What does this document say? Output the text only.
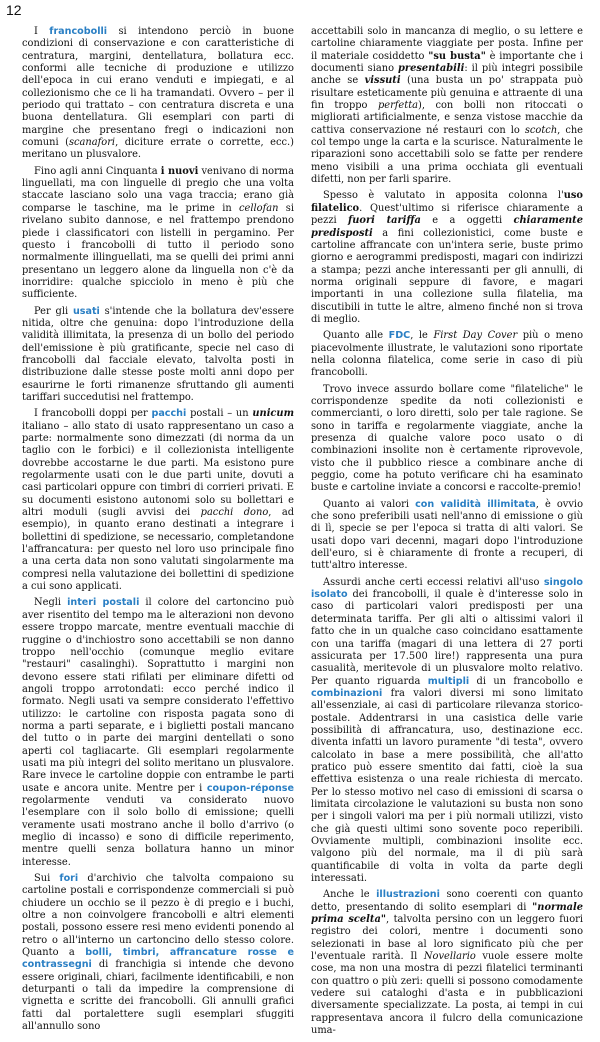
12

I francobolli si intendono perciò in buone condizioni di conservazione e con caratteristiche di centratura, margini, dentellatura, bollatura ecc. conformi alle tecniche di produzione e utilizzo dell'epoca in cui erano venduti e impiegati, e al collezionismo che ce li ha tramandati. Ovvero – per il periodo qui trattato – con centratura discreta e una buona dentellatura. Gli esemplari con parti di margine che presentano fregi o indicazioni non comuni (scanafori, diciture errate o corrette, ecc.) meritano un plusvalore.

Fino agli anni Cinquanta i nuovi venivano di norma linguellati, ma con linguelle di pregio che una volta staccate lasciano solo una vaga traccia; erano già comparse le taschine, ma le prime in cellofan si rivelano subito dannose, e nel frattempo prendono piede i classificatori con listelli in pergamino. Per questo i francobolli di tutto il periodo sono normalmente illinguellati, ma se quelli dei primi anni presentano un leggero alone da linguella non c'è da inorridire: qualche spicciolo in meno è più che sufficiente.

Per gli usati s'intende che la bollatura dev'essere nitida, oltre che genuina: dopo l'introduzione della validità illimitata, la presenza di un bollo del periodo dell'emissione è più gratificante, specie nel caso di francobolli dal facciale elevato, talvolta posti in distribuzione dalle stesse poste molti anni dopo per esaurirne le forti rimanenze sfruttando gli aumenti tariffari succedutisi nel frattempo.

I francobolli doppi per pacchi postali – un unicum italiano – allo stato di usato rappresentano un caso a parte: normalmente sono dimezzati (di norma da un taglio con le forbici) e il collezionista intelligente dovrebbe accostarne le due parti. Ma esistono pure regolarmente usati con le due parti unite, dovuti a casi particolari oppure con timbri di corrieri privati. E su documenti esistono autonomi solo su bollettari e altri moduli (sugli avvisi dei pacchi dono, ad esempio), in quanto erano destinati a integrare i bollettini di spedizione, se necessario, completandone l'affrancatura: per questo nel loro uso principale fino a una certa data non sono valutati singolarmente ma compresi nella valutazione dei bollettini di spedizione a cui sono applicati.

Negli interi postali il colore del cartoncino può aver risentito del tempo ma le alterazioni non devono essere troppo marcate, mentre eventuali macchie di ruggine o d'inchiostro sono accettabili se non danno troppo nell'occhio (comunque meglio evitare "restauri" casalinghi). Soprattutto i margini non devono essere stati rifilati per eliminare difetti od angoli troppo arrotondati: ecco perché indico il formato. Negli usati va sempre considerato l'effettivo utilizzo: le cartoline con risposta pagata sono di norma a parti separate, e i biglietti postali mancano del tutto o in parte dei margini dentellati o sono aperti col tagliacarte. Gli esemplari regolarmente usati ma più integri del solito meritano un plusvalore. Rare invece le cartoline doppie con entrambe le parti usate e ancora unite. Mentre per i coupon-réponse regolarmente venduti va considerato nuovo l'esemplare con il solo bollo di emissione; quelli veramente usati mostrano anche il bollo d'arrivo (o meglio di incasso) e sono di difficile reperimento, mentre quelli senza bollatura hanno un minor interesse.

Sui fori d'archivio che talvolta compaiono su cartoline postali e corrispondenze commerciali si può chiudere un occhio se il pezzo è di pregio e i buchi, oltre a non coinvolgere francobolli e altri elementi postali, possono essere resi meno evidenti ponendo al retro o all'interno un cartoncino dello stesso colore. Quanto a bolli, timbri, affrancature rosse e contrassegni di franchigia si intende che devono essere originali, chiari, facilmente identificabili, e non deturpanti o tali da impedire la comprensione di vignetta e scritte dei francobolli. Gli annulli grafici fatti dal portalettere sugli esemplari sfuggiti all'annullo sono

accettabili solo in mancanza di meglio, o su lettere e cartoline chiaramente viaggiate per posta. Infine per il materiale cosiddetto "su busta" è importante che i documenti siano presentabili: il più integri possibile anche se vissuti (una busta un po' strappata può risultare esteticamente più genuina e attraente di una fin troppo perfetta), con bolli non ritoccati o migliorati artificialmente, e senza vistose macchie da cattiva conservazione né restauri con lo scotch, che col tempo unge la carta e la scurisce. Naturalmente le riparazioni sono accettabili solo se fatte per rendere meno visibili a una prima occhiata gli eventuali difetti, non per farli sparire.

Spesso è valutato in apposita colonna l'uso filatelico. Quest'ultimo si riferisce chiaramente a pezzi fuori tariffa e a oggetti chiaramente predisposti a fini collezionistici, come buste e cartoline affrancate con un'intera serie, buste primo giorno e aerogrammi predisposti, magari con indirizzi a stampa; pezzi anche interessanti per gli annulli, di norma originali seppure di favore, e magari importanti in una collezione sulla filatelia, ma discutibili in tutte le altre, almeno finché non si trova di meglio.

Quanto alle FDC, le First Day Cover più o meno piacevolmente illustrate, le valutazioni sono riportate nella colonna filatelica, come serie in caso di più francobolli.

Trovo invece assurdo bollare come "filateliche" le corrispondenze spedite da noti collezionisti e commercianti, o loro diretti, solo per tale ragione. Se sono in tariffa e regolarmente viaggiate, anche la presenza di qualche valore poco usato o di combinazioni insolite non è certamente riprovevole, visto che il pubblico riesce a combinare anche di peggio, come ha potuto verificare chi ha esaminato buste e cartoline inviate a concorsi e raccolte-premio!

Quanto ai valori con validità illimitata, è ovvio che sono preferibili usati nell'anno di emissione o giù di lì, specie se per l'epoca si tratta di alti valori. Se usati dopo vari decenni, magari dopo l'introduzione dell'euro, si è chiaramente di fronte a recuperi, di tutt'altro interesse.

Assurdi anche certi eccessi relativi all'uso singolo isolato dei francobolli, il quale è d'interesse solo in caso di particolari valori predisposti per una determinata tariffa. Per gli alti o altissimi valori il fatto che in un qualche caso coincidano esattamente con una tariffa (magari di una lettera di 27 porti assicurata per 17.500 lire!) rappresenta una pura casualità, meritevole di un plusvalore molto relativo. Per quanto riguarda multipli di un francobollo e combinazioni fra valori diversi mi sono limitato all'essenziale, ai casi di particolare rilevanza storico-postale. Addentrarsi in una casistica delle varie possibilità di affrancatura, uso, destinazione ecc. diventa infatti un lavoro puramente "di testa", ovvero calcolato in base a mere possibilità, che all'atto pratico può essere smentito dai fatti, cioè la sua effettiva esistenza o una reale richiesta di mercato. Per lo stesso motivo nel caso di emissioni di scarsa o limitata circolazione le valutazioni su busta non sono per i singoli valori ma per i più normali utilizzi, visto che già questi ultimi sono sovente poco reperibili. Ovviamente multipli, combinazioni insolite ecc. valgono più del normale, ma il di più sarà quantificabile di volta in volta da parte degli interessati.

Anche le illustrazioni sono coerenti con quanto detto, presentando di solito esemplari di "normale prima scelta", talvolta persino con un leggero fuori registro dei colori, mentre i documenti sono selezionati in base al loro significato più che per l'eventuale rarità. Il Novellario vuole essere molte cose, ma non una mostra di pezzi filatelici terminanti con quattro o più zeri: quelli si possono comodamente vedere sui cataloghi d'asta e in pubblicazioni diversamente specializzate. La posta, ai tempi in cui rappresentava ancora il fulcro della comunicazione uma-
